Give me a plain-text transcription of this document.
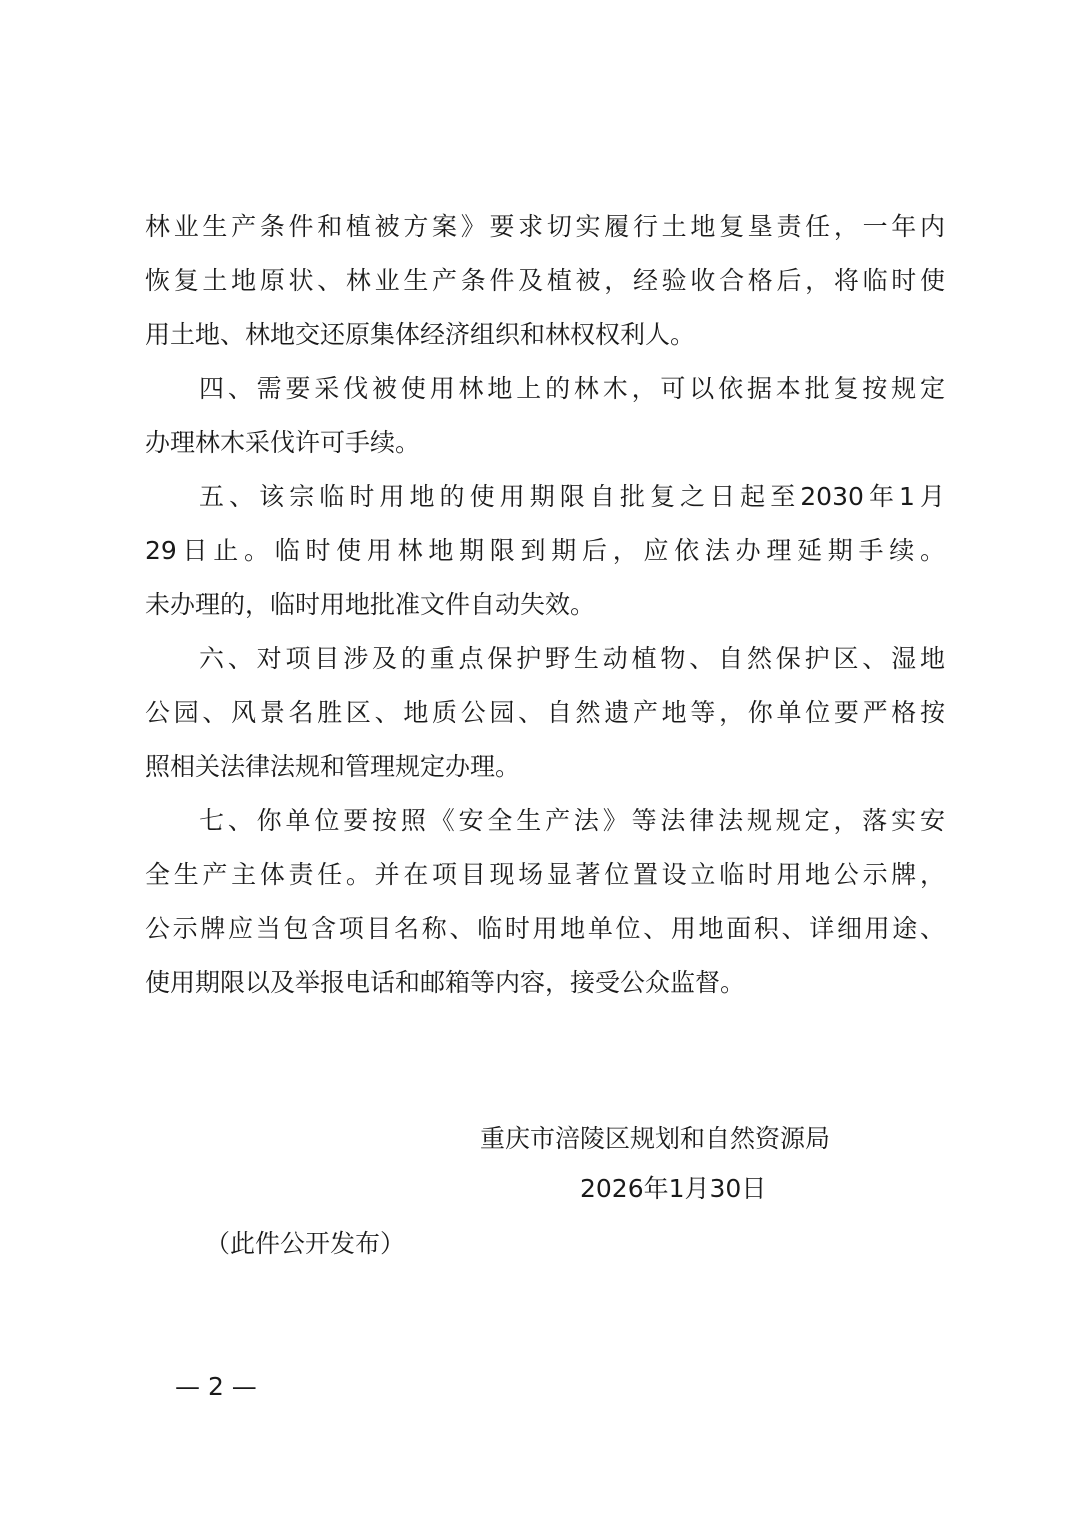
林业生产条件和植被方案》要求切实履行土地复垦责任，一年内
恢复土地原状、林业生产条件及植被，经验收合格后，将临时使
用土地、林地交还原集体经济组织和林权权利人。
四、需要采伐被使用林地上的林木，可以依据本批复按规定
办理林木采伐许可手续。
五、该宗临时用地的使用期限自批复之日起至2030年1月
29日止。临时使用林地期限到期后，应依法办理延期手续。
未办理的，临时用地批准文件自动失效。
六、对项目涉及的重点保护野生动植物、自然保护区、湿地
公园、风景名胜区、地质公园、自然遗产地等，你单位要严格按
照相关法律法规和管理规定办理。
七、你单位要按照《安全生产法》等法律法规规定，落实安
全生产主体责任。并在项目现场显著位置设立临时用地公示牌，
公示牌应当包含项目名称、临时用地单位、用地面积、详细用途、
使用期限以及举报电话和邮箱等内容，接受公众监督。
重庆市涪陵区规划和自然资源局
2026年1月30日
（此件公开发布）
— 2 —
